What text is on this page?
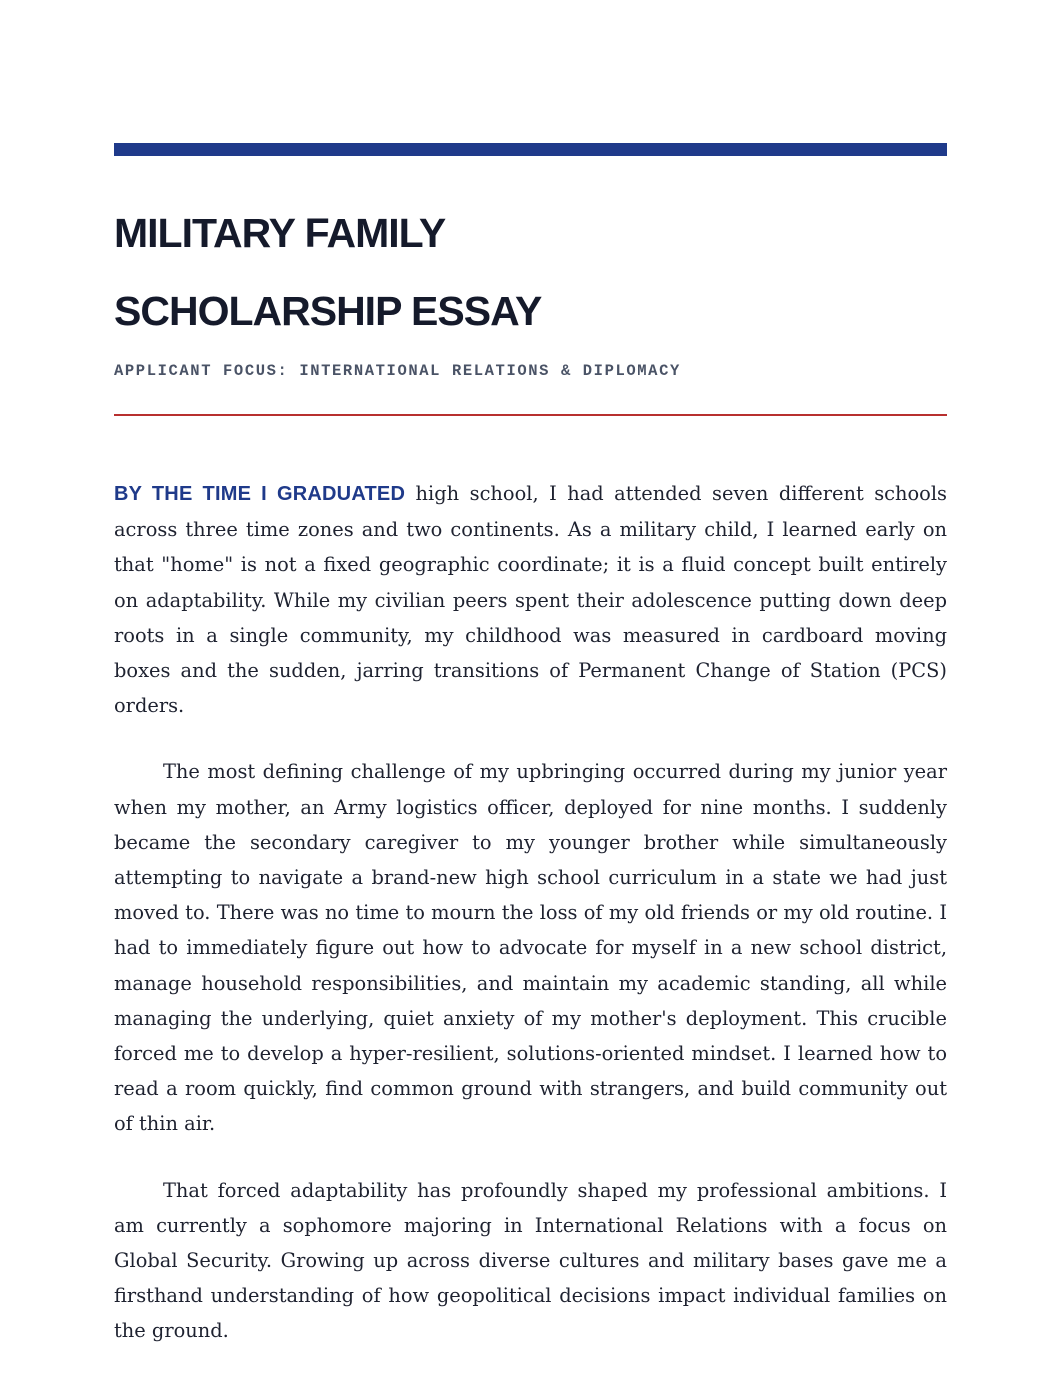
MILITARY FAMILY
SCHOLARSHIP ESSAY
APPLICANT FOCUS: INTERNATIONAL RELATIONS & DIPLOMACY

BY THE TIME I GRADUATED high school, I had attended seven different schools across three time zones and two continents. As a military child, I learned early on that "home" is not a fixed geographic coordinate; it is a fluid concept built entirely on adaptability. While my civilian peers spent their adolescence putting down deep roots in a single community, my childhood was measured in cardboard moving boxes and the sudden, jarring transitions of Permanent Change of Station (PCS) orders.

The most defining challenge of my upbringing occurred during my junior year when my mother, an Army logistics officer, deployed for nine months. I suddenly became the secondary caregiver to my younger brother while simultaneously attempting to navigate a brand-new high school curriculum in a state we had just moved to. There was no time to mourn the loss of my old friends or my old routine. I had to immediately figure out how to advocate for myself in a new school district, manage household responsibilities, and maintain my academic standing, all while managing the underlying, quiet anxiety of my mother's deployment. This crucible forced me to develop a hyper-resilient, solutions-oriented mindset. I learned how to read a room quickly, find common ground with strangers, and build community out of thin air.

That forced adaptability has profoundly shaped my professional ambitions. I am currently a sophomore majoring in International Relations with a focus on Global Security. Growing up across diverse cultures and military bases gave me a firsthand understanding of how geopolitical decisions impact individual families on the ground.
